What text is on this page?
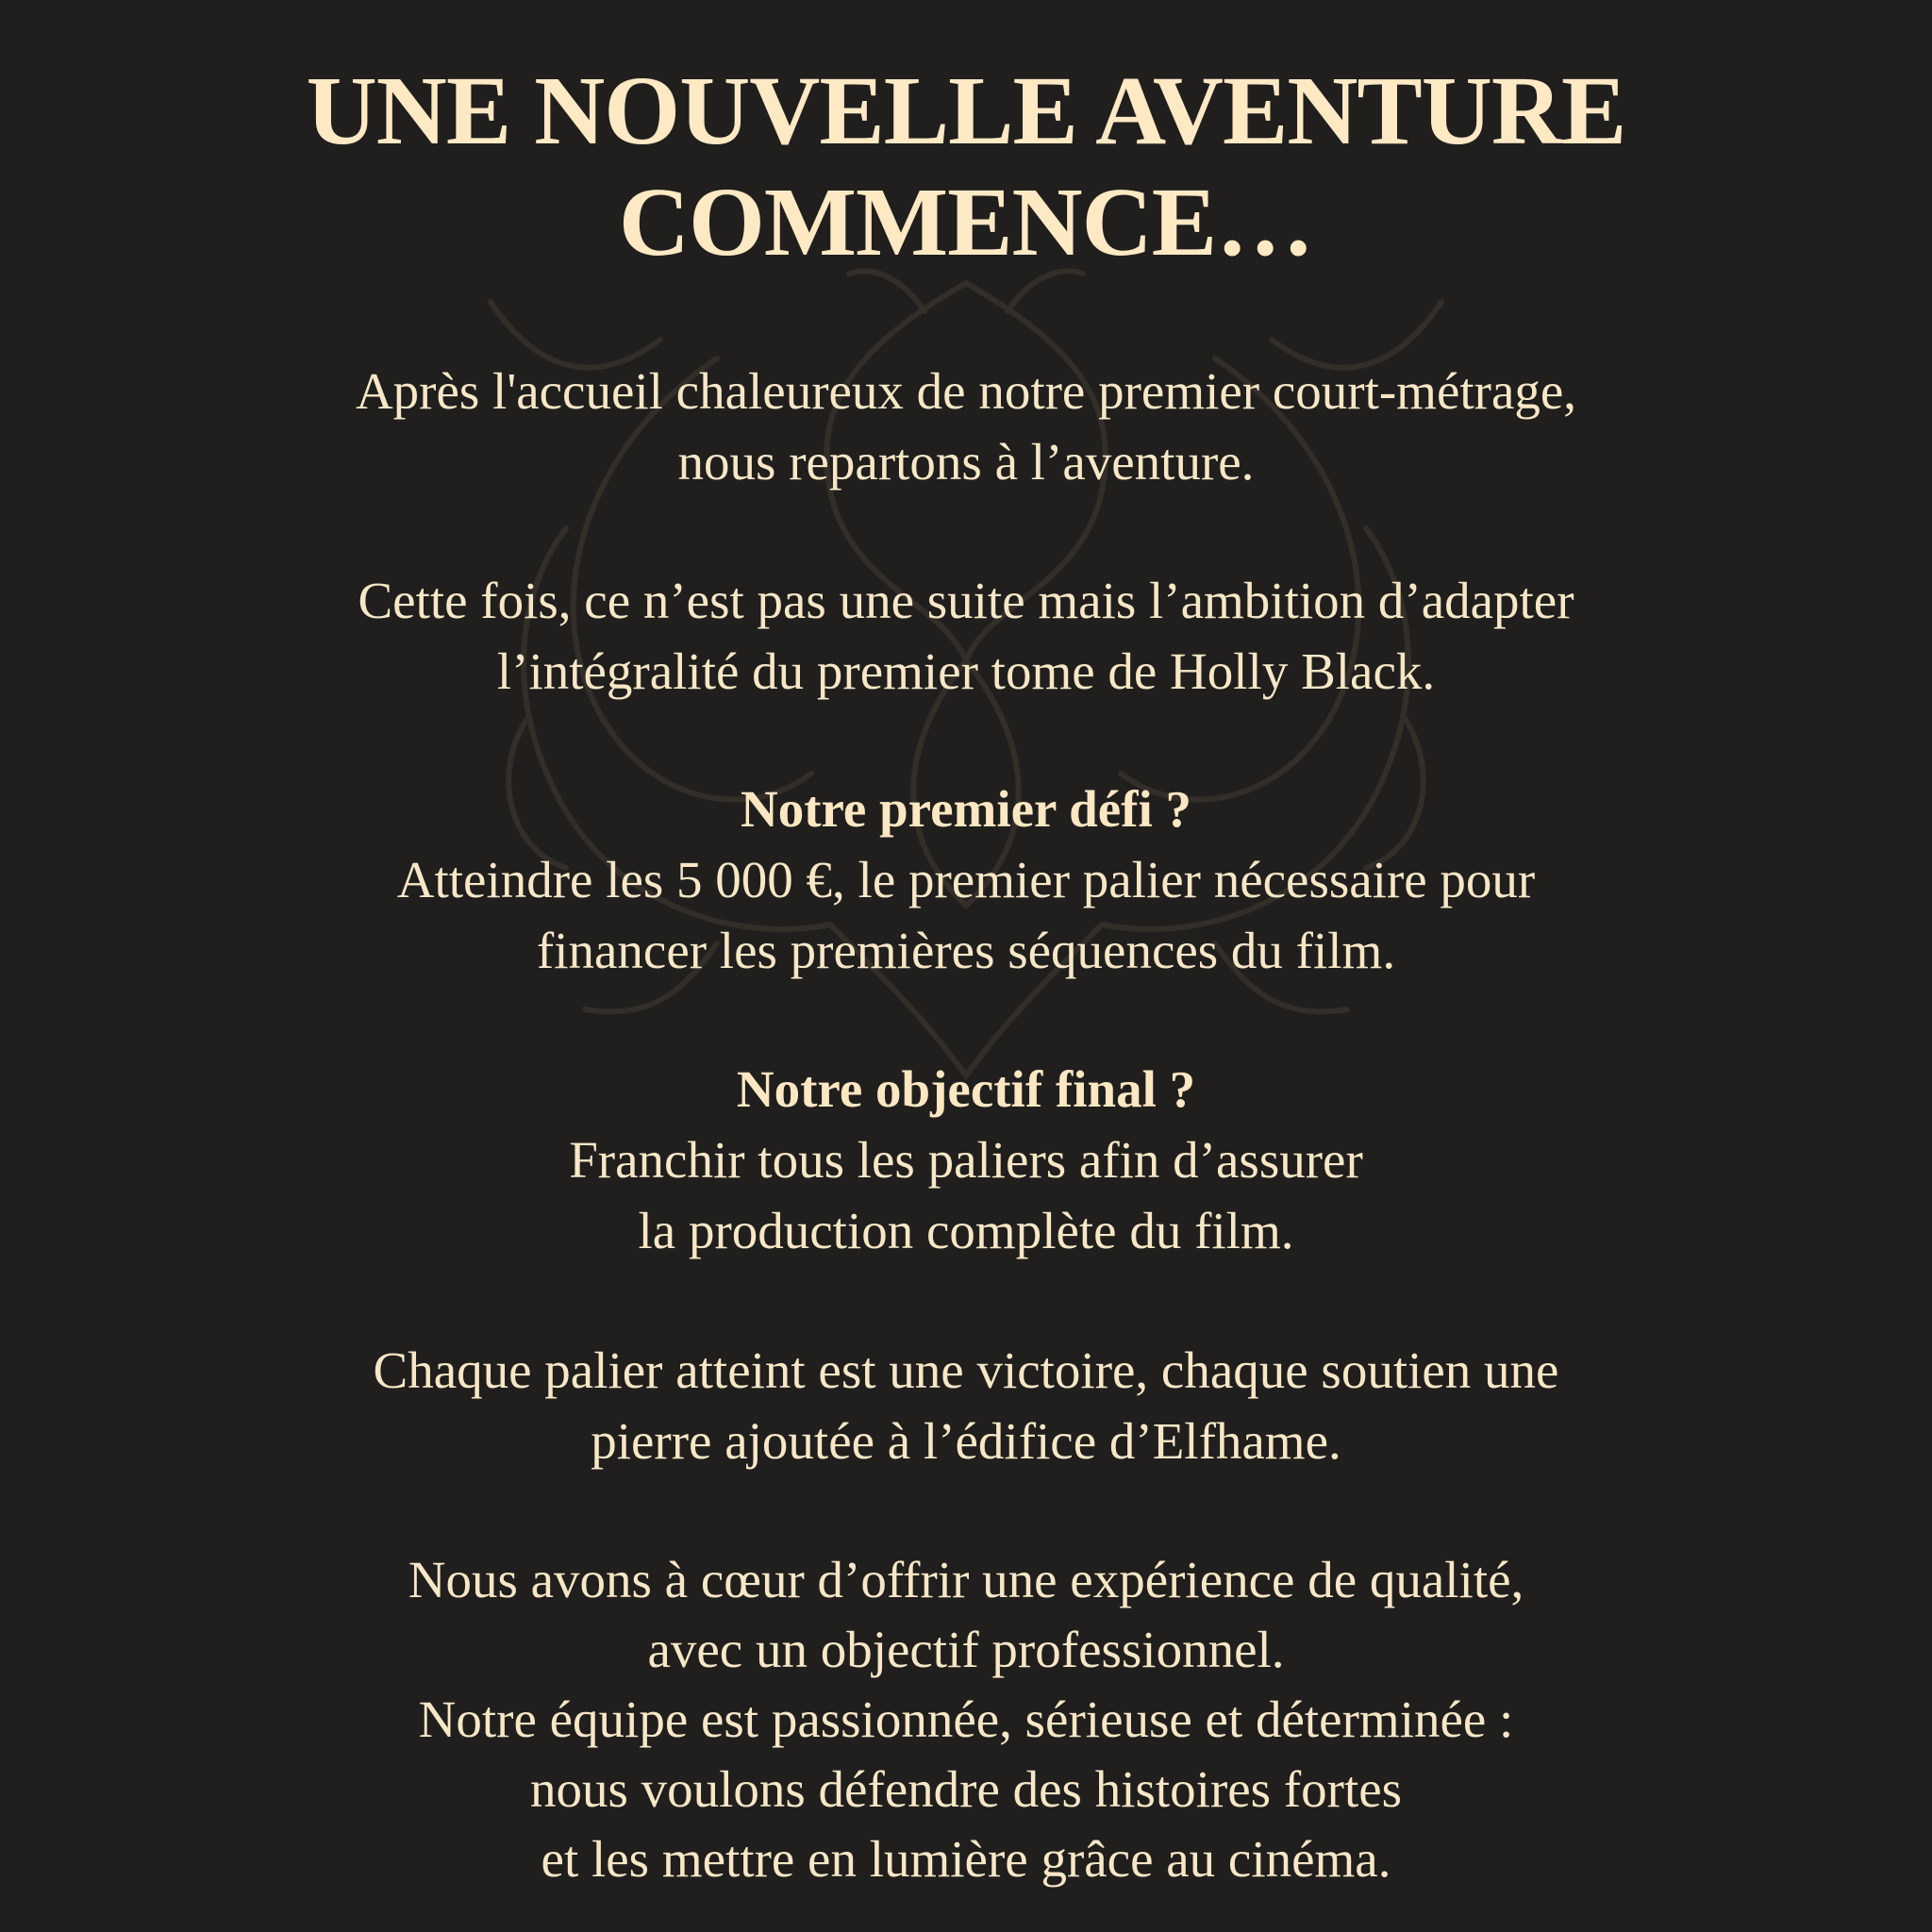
UNE NOUVELLE AVENTURE
COMMENCE…
Après l'accueil chaleureux de notre premier court-métrage,
nous repartons à l’aventure.
Cette fois, ce n’est pas une suite mais l’ambition d’adapter
l’intégralité du premier tome de Holly Black.
Notre premier défi ?
Atteindre les 5 000 €, le premier palier nécessaire pour
financer les premières séquences du film.
Notre objectif final ?
Franchir tous les paliers afin d’assurer
la production complète du film.
Chaque palier atteint est une victoire, chaque soutien une
pierre ajoutée à l’édifice d’Elfhame.
Nous avons à cœur d’offrir une expérience de qualité,
avec un objectif professionnel.
Notre équipe est passionnée, sérieuse et déterminée :
nous voulons défendre des histoires fortes
et les mettre en lumière grâce au cinéma.
